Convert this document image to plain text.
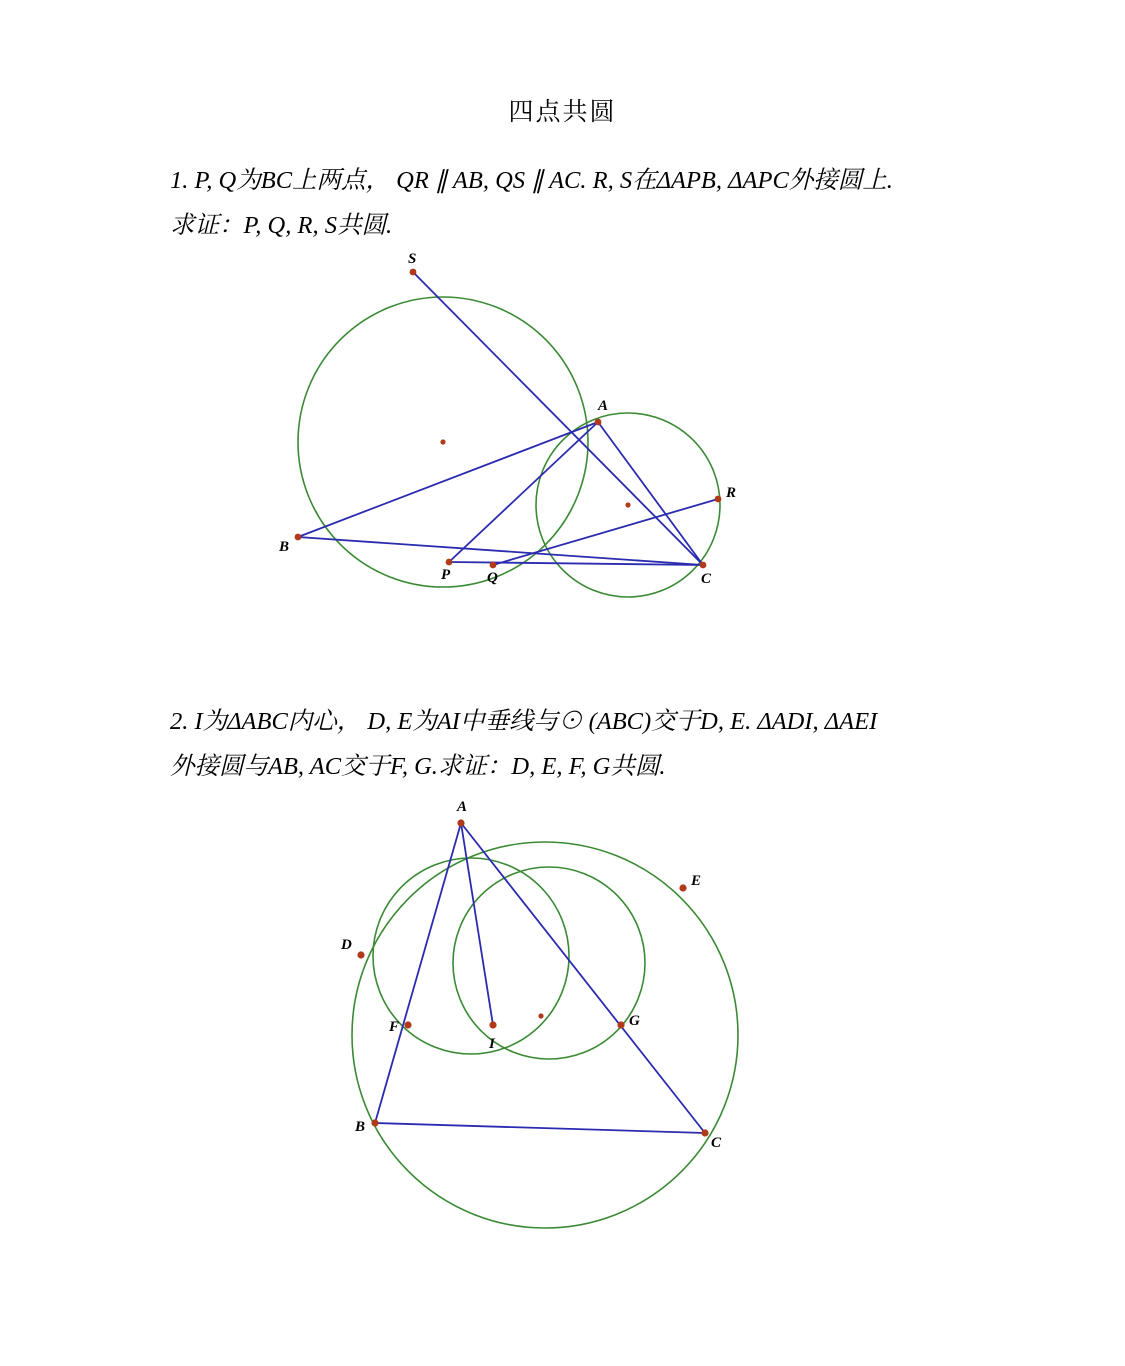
四点共圆
1. P, Q为BC上两点， QR ∥ AB, QS ∥ AC. R, S在ΔAPB, ΔAPC外接圆上.
求证：P, Q, R, S共圆.
S
A
R
B
P Q	C
2. I为ΔABC内心， D, E为AI中垂线与⊙ (ABC)交于D, E. ΔADI, ΔAEI
外接圆与AB, AC交于F, G.求证：D, E, F, G共圆.
A
E
D
F
I
G
B
C
